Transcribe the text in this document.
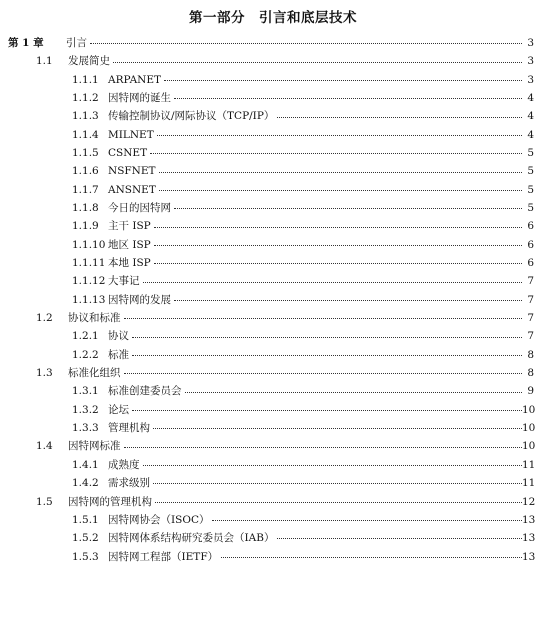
第一部分　引言和底层技术
第 1 章 引言	3
1.1 发展简史	3
1.1.1 ARPANET	3
1.1.2 因特网的诞生	4
1.1.3 传输控制协议/网际协议（TCP/IP）	4
1.1.4 MILNET	4
1.1.5 CSNET	5
1.1.6 NSFNET	5
1.1.7 ANSNET	5
1.1.8 今日的因特网	5
1.1.9 主干 ISP	6
1.1.10 地区 ISP	6
1.1.11 本地 ISP	6
1.1.12 大事记	7
1.1.13 因特网的发展	7
1.2 协议和标准	7
1.2.1 协议	7
1.2.2 标准	8
1.3 标准化组织	8
1.3.1 标准创建委员会	9
1.3.2 论坛	10
1.3.3 管理机构	10
1.4 因特网标准	10
1.4.1 成熟度	11
1.4.2 需求级别	11
1.5 因特网的管理机构	12
1.5.1 因特网协会（ISOC）	13
1.5.2 因特网体系结构研究委员会（IAB）	13
1.5.3 因特网工程部（IETF）	13
